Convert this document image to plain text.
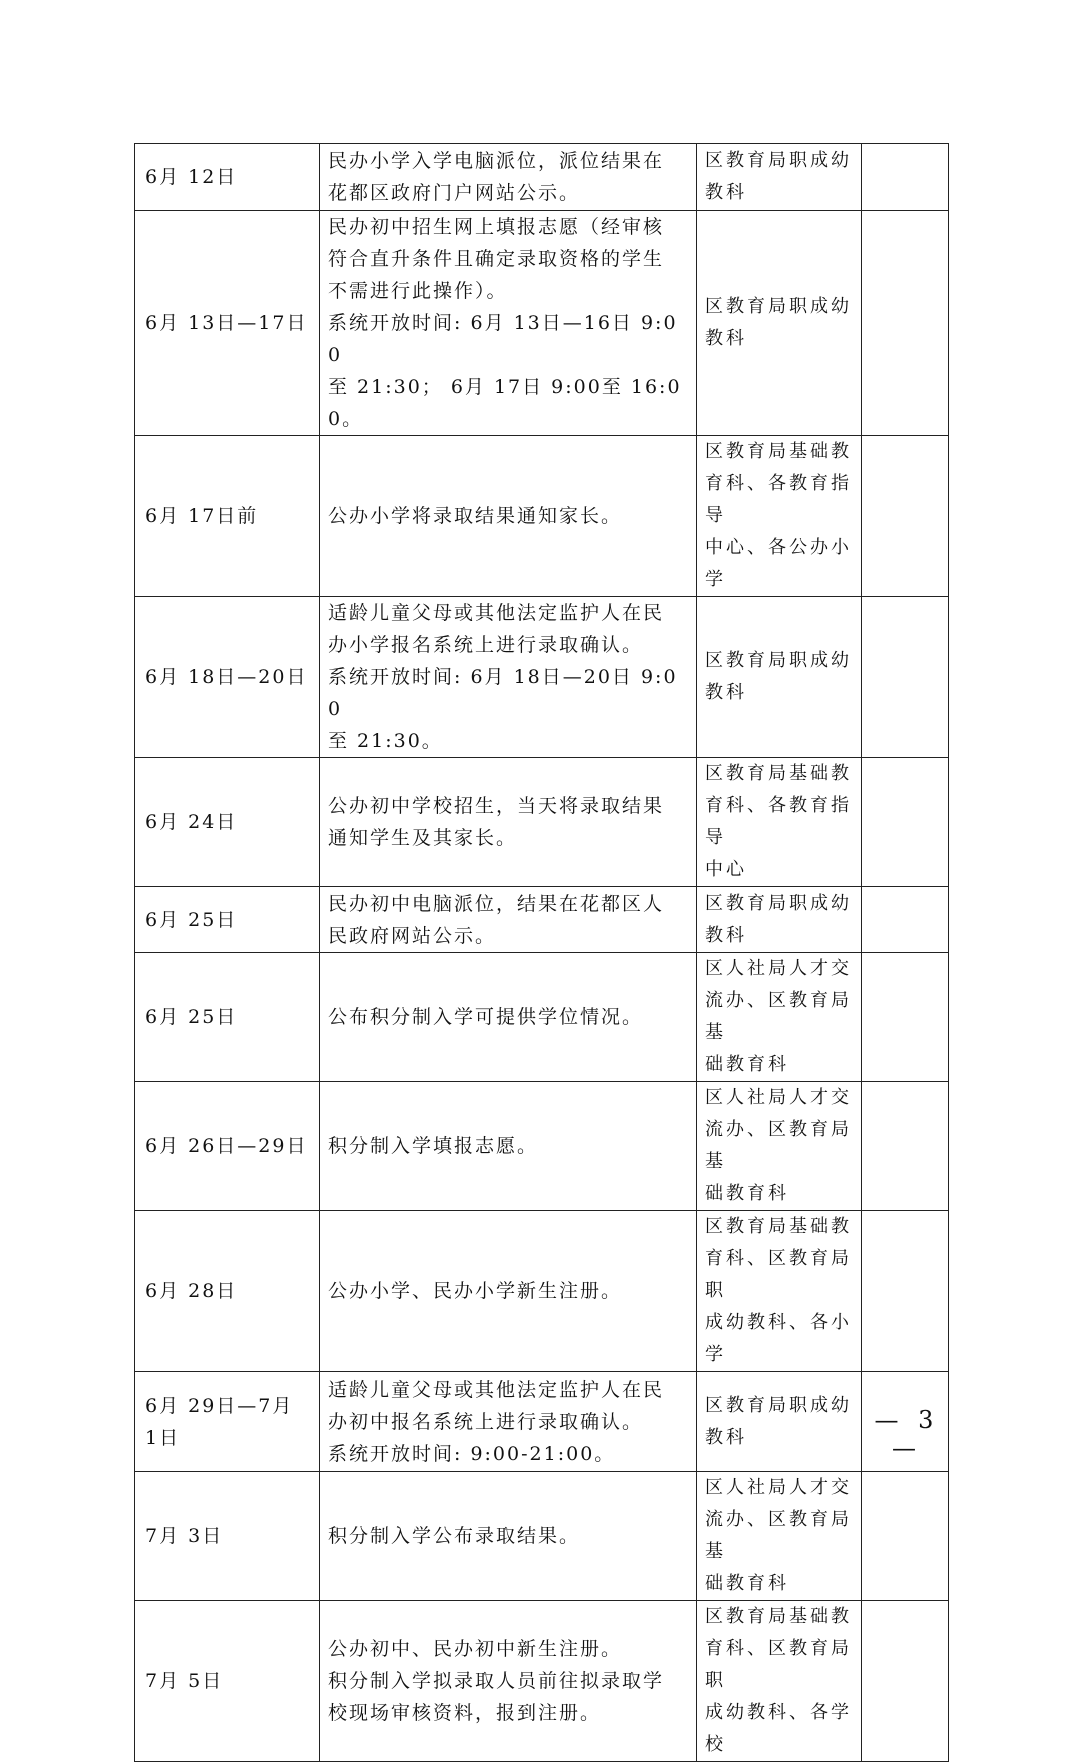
6月 12日	民办小学入学电脑派位，派位结果在
花都区政府门户网站公示。	区教育局职成幼
教科	

6月 13日—17日	民办初中招生网上填报志愿（经审核
符合直升条件且确定录取资格的学生
不需进行此操作）。
系统开放时间: 6月 13日—16日 9:00
至 21:30； 6月 17日 9:00至 16:00。	区教育局职成幼
教科	

6月 17日前	公办小学将录取结果通知家长。	区教育局基础教
育科、各教育指导
中心、各公办小学	

6月 18日—20日	适龄儿童父母或其他法定监护人在民
办小学报名系统上进行录取确认。
系统开放时间: 6月 18日—20日 9:00
至 21:30。	区教育局职成幼
教科	

6月 24日	公办初中学校招生，当天将录取结果
通知学生及其家长。	区教育局基础教
育科、各教育指导
中心	

6月 25日	民办初中电脑派位，结果在花都区人
民政府网站公示。	区教育局职成幼
教科	

6月 25日	公布积分制入学可提供学位情况。	区人社局人才交
流办、区教育局基
础教育科	

6月 26日—29日	积分制入学填报志愿。	区人社局人才交
流办、区教育局基
础教育科	

6月 28日	公办小学、民办小学新生注册。	区教育局基础教
育科、区教育局职
成幼教科、各小学	

6月 29日—7月 1日	适龄儿童父母或其他法定监护人在民
办初中报名系统上进行录取确认。
系统开放时间: 9:00-21:00。	区教育局职成幼
教科	

7月 3日	积分制入学公布录取结果。	区人社局人才交
流办、区教育局基
础教育科	

7月 5日	公办初中、民办初中新生注册。
积分制入学拟录取人员前往拟录取学
校现场审核资料，报到注册。	区教育局基础教
育科、区教育局职
成幼教科、各学校	

— 3 —
